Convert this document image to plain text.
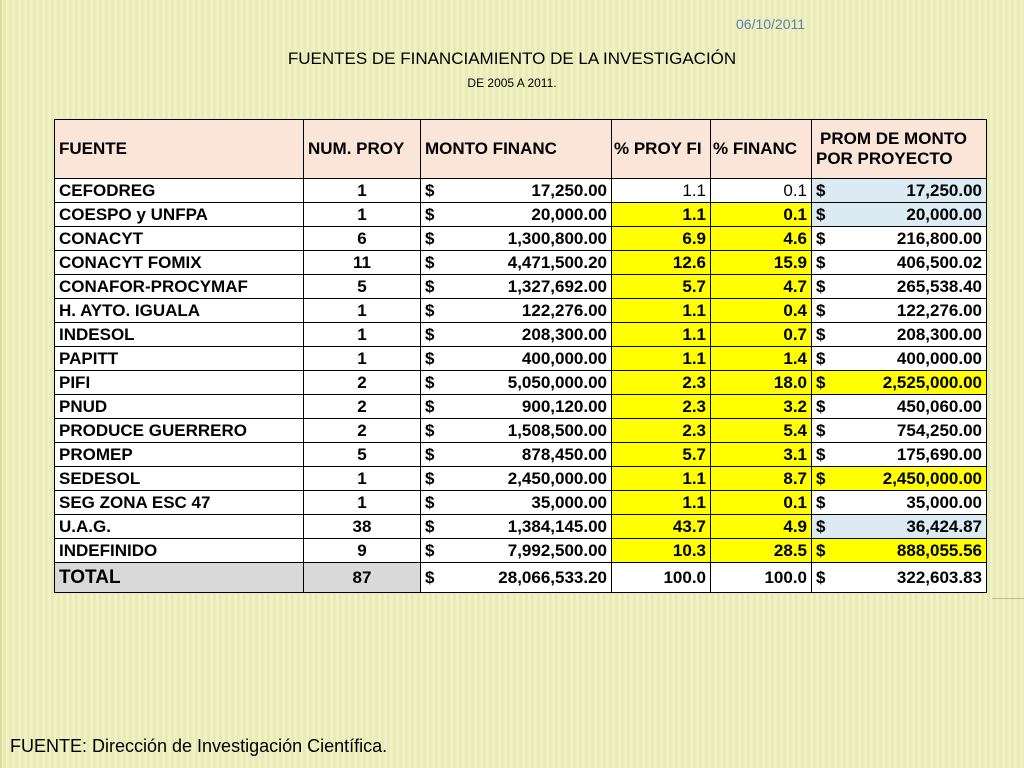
06/10/2011
FUENTES DE FINANCIAMIENTO DE LA INVESTIGACIÓN
DE 2005 A 2011.
FUENTE	NUM. PROY	MONTO FINANC	% PROY FI	% FINANC	PROM DE MONTO
POR PROYECTO

CEFODREG	1	$ 17,250.00	1.1	0.1	$ 17,250.00

COESPO y UNFPA	1	$ 20,000.00	1.1	0.1	$ 20,000.00

CONACYT	6	$ 1,300,800.00	6.9	4.6	$ 216,800.00

CONACYT FOMIX	11	$ 4,471,500.20	12.6	15.9	$ 406,500.02

CONAFOR-PROCYMAF	5	$ 1,327,692.00	5.7	4.7	$ 265,538.40

H. AYTO. IGUALA	1	$ 122,276.00	1.1	0.4	$ 122,276.00

INDESOL	1	$ 208,300.00	1.1	0.7	$ 208,300.00

PAPITT	1	$ 400,000.00	1.1	1.4	$ 400,000.00

PIFI	2	$ 5,050,000.00	2.3	18.0	$ 2,525,000.00

PNUD	2	$ 900,120.00	2.3	3.2	$ 450,060.00

PRODUCE GUERRERO	2	$ 1,508,500.00	2.3	5.4	$ 754,250.00

PROMEP	5	$ 878,450.00	5.7	3.1	$ 175,690.00

SEDESOL	1	$ 2,450,000.00	1.1	8.7	$ 2,450,000.00

SEG ZONA ESC 47	1	$ 35,000.00	1.1	0.1	$ 35,000.00

U.A.G.	38	$ 1,384,145.00	43.7	4.9	$ 36,424.87

INDEFINIDO	9	$ 7,992,500.00	10.3	28.5	$ 888,055.56

TOTAL	87	$ 28,066,533.20	100.0	100.0	$ 322,603.83
FUENTE: Dirección de Investigación Científica.
